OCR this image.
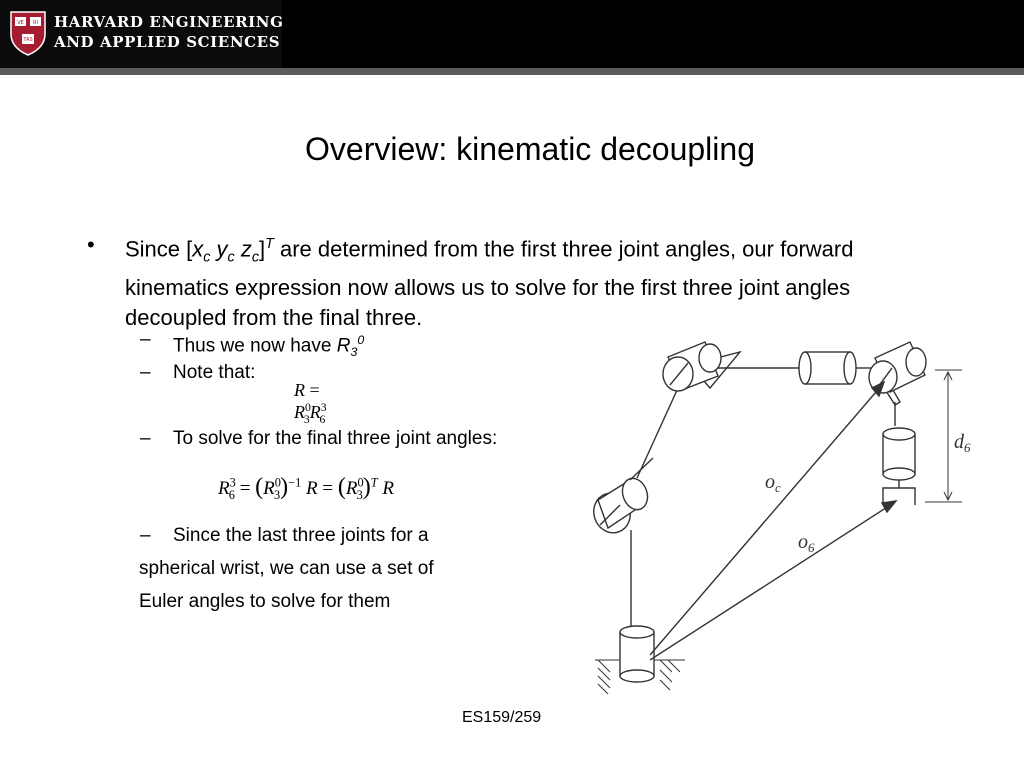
VE RI
TAS
HARVARD ENGINEERING
AND APPLIED SCIENCES
Overview: kinematic decoupling
• Since [$x_c$ $y_c$ $z_c]^T$ are determined from the first three joint angles, our forward kinematics expression now allows us to solve for the first three joint angles decoupled from the final three.
– Thus we now have $R_3^0$
– Note that:
$R = R^0_3R^3_6$
– To solve for the final three joint angles:
$R^3_6 = (R^0_3)^{-1}$ $R = (R^0_3)^T$ R
– Since the last three joints for a
spherical wrist, we can use a set of
Euler angles to solve for them
$d_6$
$o_c$
$o_6$
ES159/259
